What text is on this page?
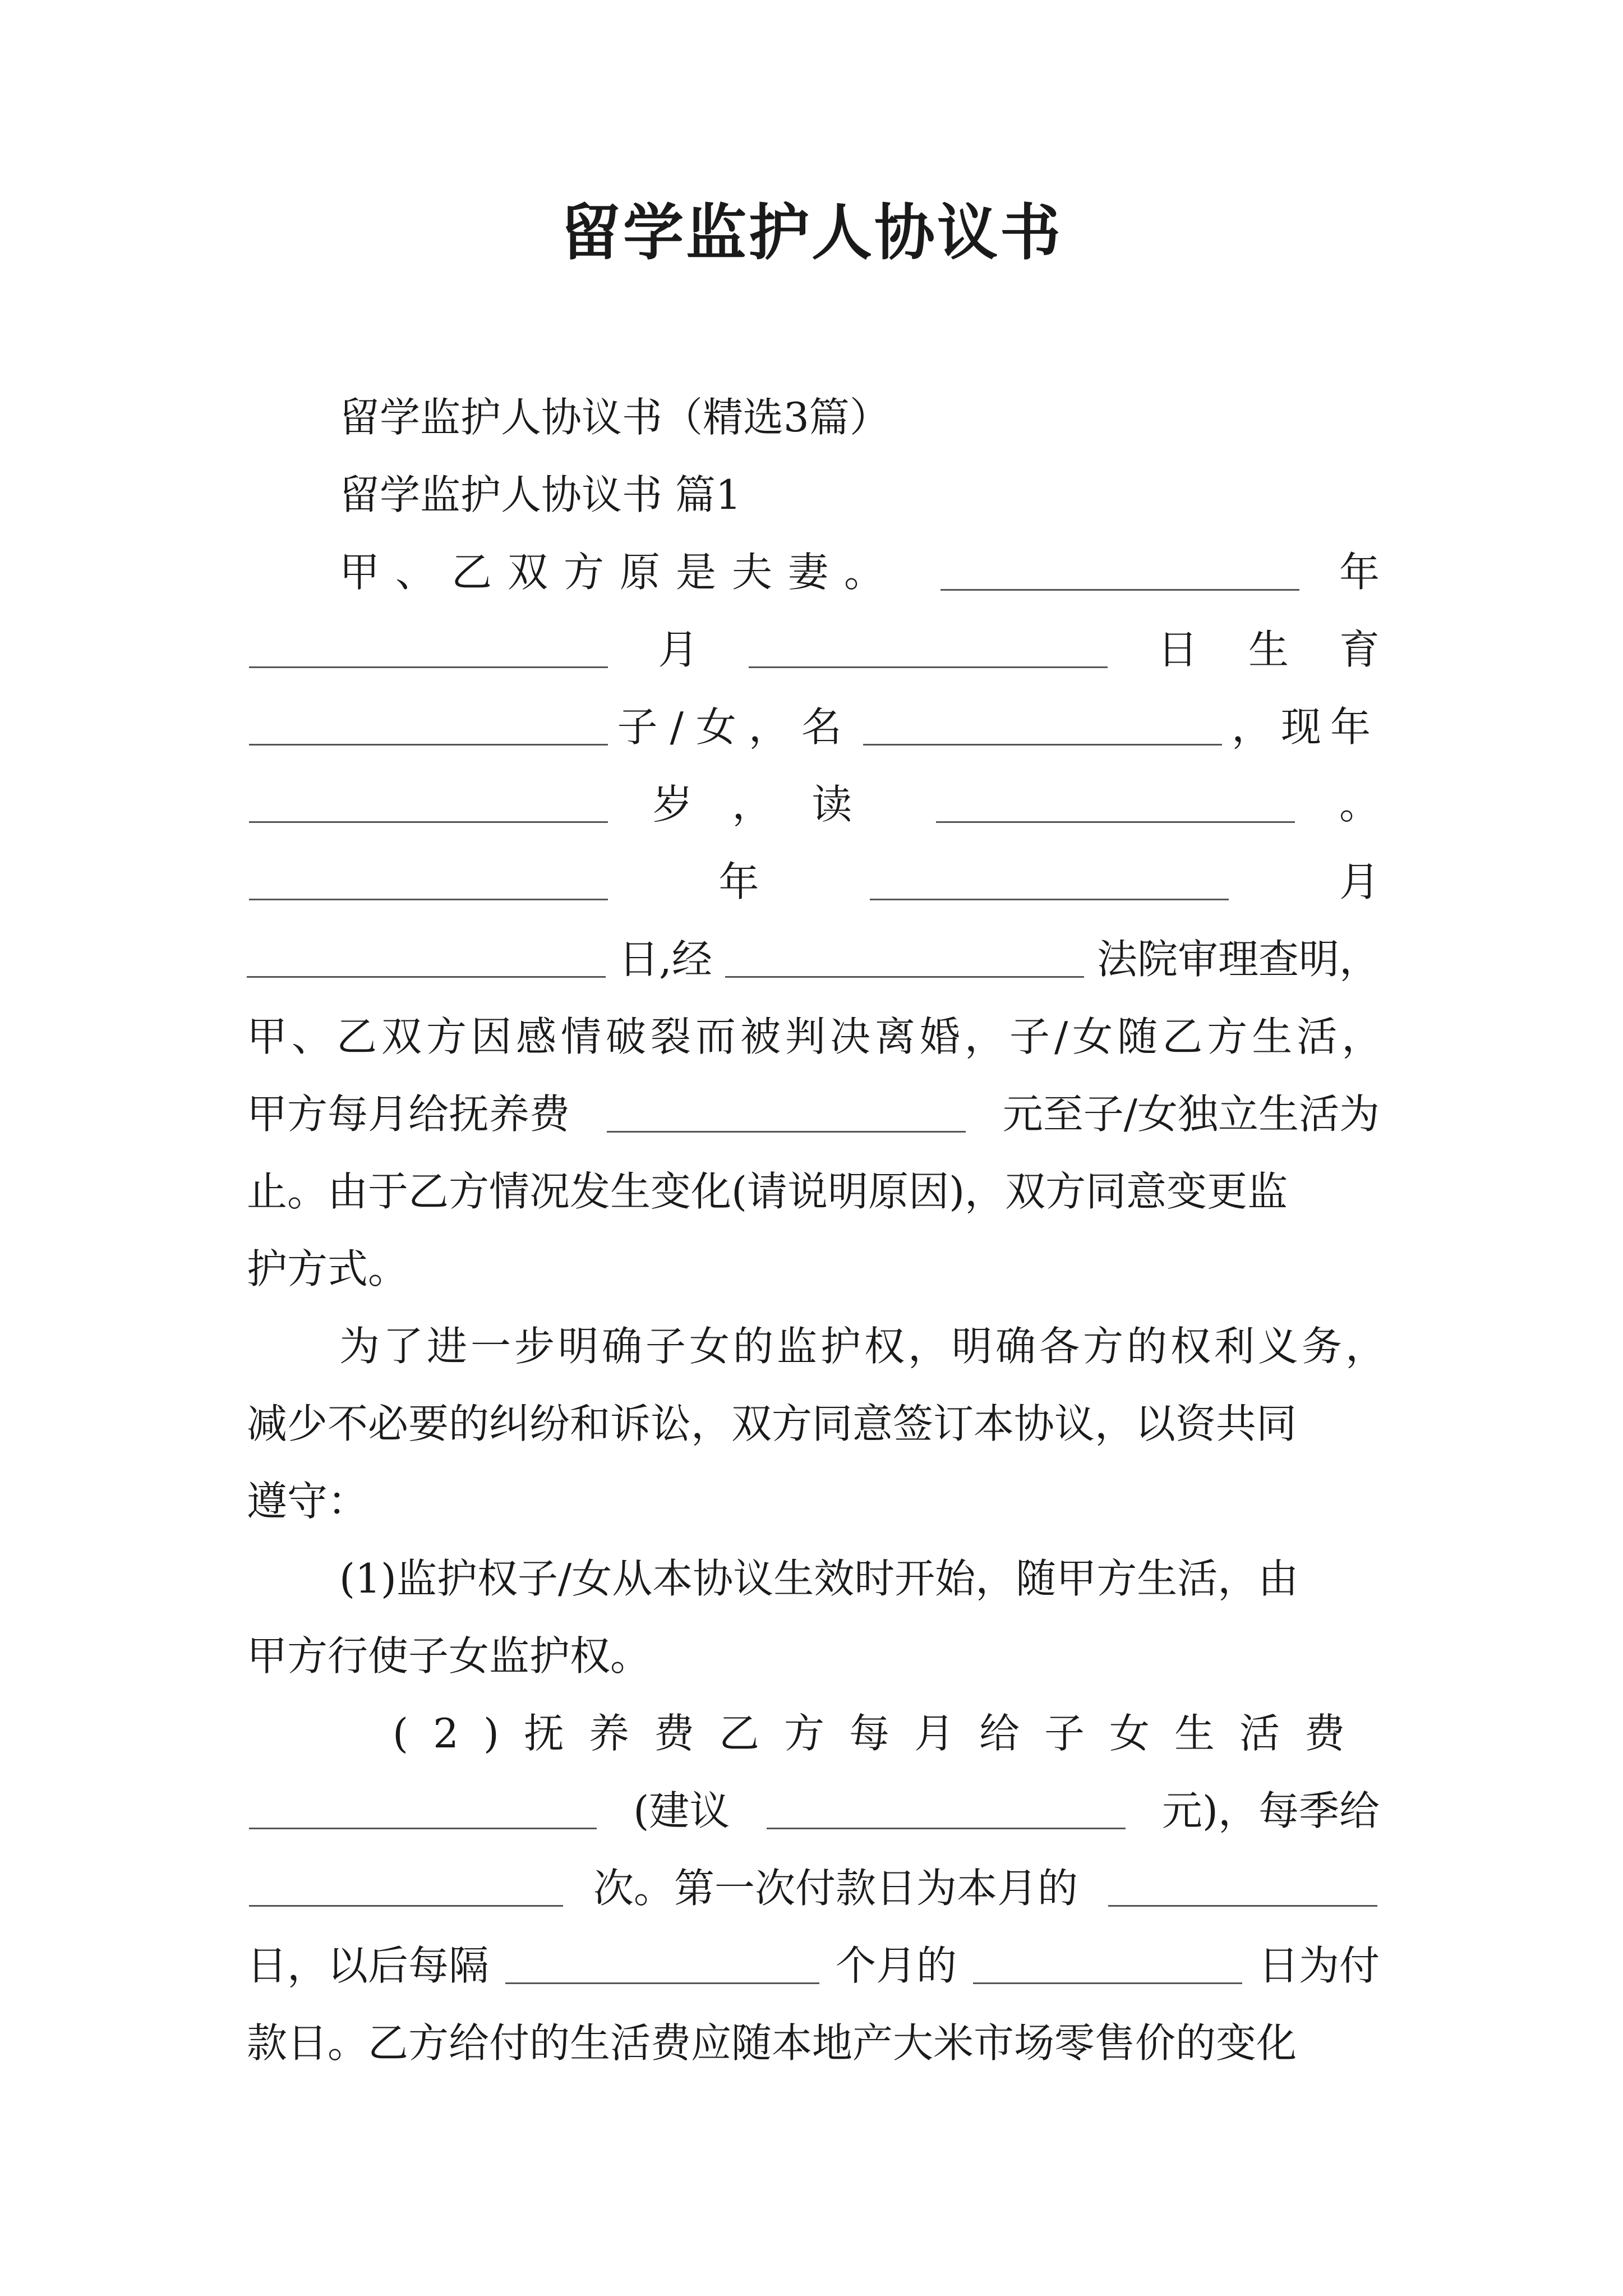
留学监护人协议书
留学监护人协议书（精选3篇）
留学监护人协议书 篇1
甲、乙双方原是夫妻。	年
月	日生育
子/女，名	，现年
岁，读	。
年	月
日,经	法院审理查明，
甲、乙双方因感情破裂而被判决离婚，子/女随乙方生活，
甲方每月给抚养费	元至子/女独立生活为
止。由于乙方情况发生变化(请说明原因)，双方同意变更监
护方式。
为了进一步明确子女的监护权，明确各方的权利义务，
减少不必要的纠纷和诉讼，双方同意签订本协议，以资共同
遵守：
(1)监护权子/女从本协议生效时开始，随甲方生活，由
甲方行使子女监护权。
(2)抚养费乙方每月给子女生活费
(建议	元)，每季给
次。第一次付款日为本月的
日，以后每隔	个月的	日为付
款日。乙方给付的生活费应随本地产大米市场零售价的变化
